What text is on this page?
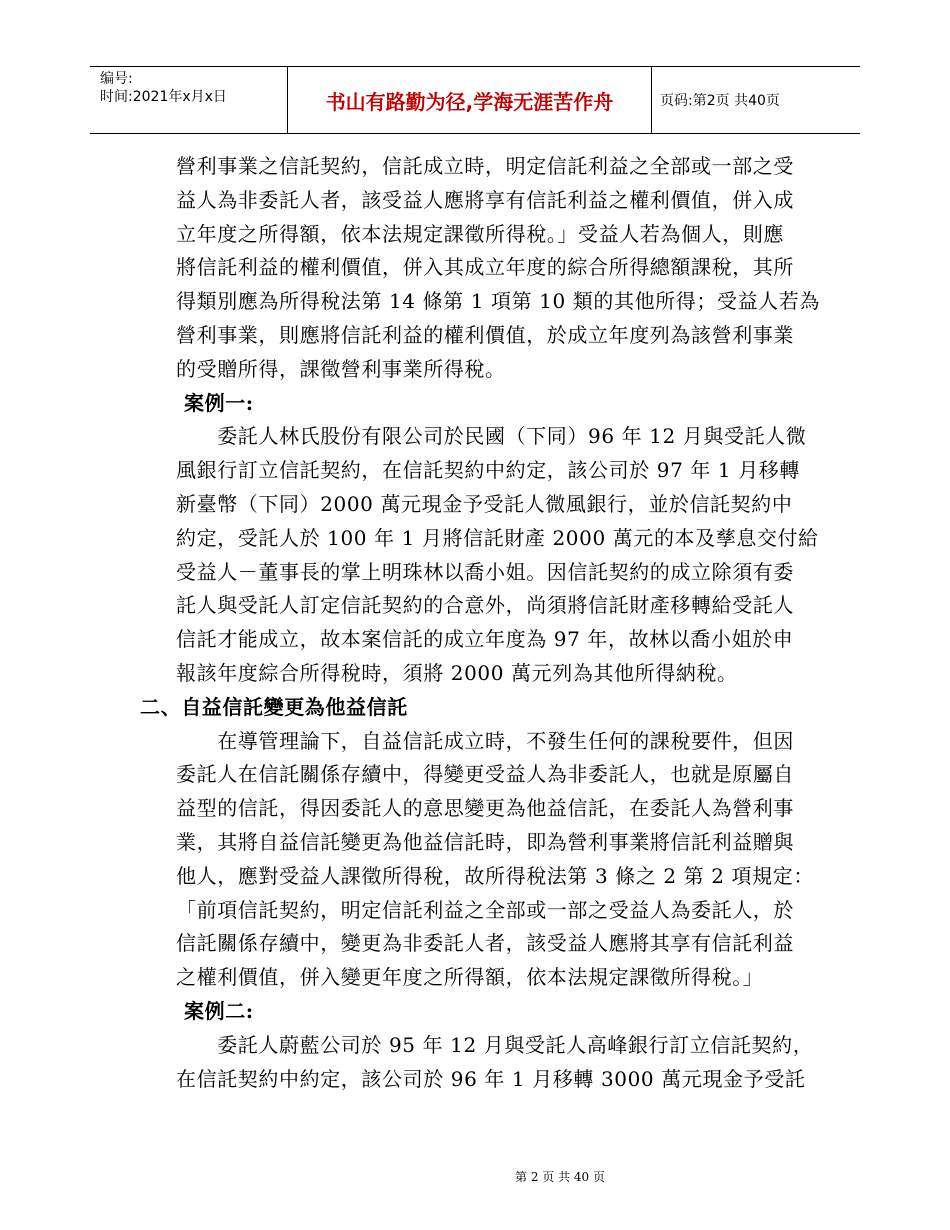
编号:
时间:2021年x月x日	书山有路勤为径,学海无涯苦作舟	页码:第2页 共40页
營利事業之信託契約，信託成立時，明定信託利益之全部或一部之受
益人為非委託人者，該受益人應將享有信託利益之權利價值，併入成
立年度之所得額，依本法規定課徵所得稅。」受益人若為個人，則應
將信託利益的權利價值，併入其成立年度的綜合所得總額課稅，其所
得類別應為所得稅法第 14 條第 1 項第 10 類的其他所得；受益人若為
營利事業，則應將信託利益的權利價值，於成立年度列為該營利事業
的受贈所得，課徵營利事業所得稅。
案例一:
　　委託人林氏股份有限公司於民國（下同）96 年 12 月與受託人微
風銀行訂立信託契約，在信託契約中約定，該公司於 97 年 1 月移轉
新臺幣（下同）2000 萬元現金予受託人微風銀行，並於信託契約中
約定，受託人於 100 年 1 月將信託財產 2000 萬元的本及孳息交付給
受益人－董事長的掌上明珠林以喬小姐。因信託契約的成立除須有委
託人與受託人訂定信託契約的合意外，尚須將信託財產移轉給受託人
信託才能成立，故本案信託的成立年度為 97 年，故林以喬小姐於申
報該年度綜合所得稅時，須將 2000 萬元列為其他所得納稅。
二、自益信託變更為他益信託
　　在導管理論下，自益信託成立時，不發生任何的課稅要件，但因
委託人在信託關係存續中，得變更受益人為非委託人，也就是原屬自
益型的信託，得因委託人的意思變更為他益信託，在委託人為營利事
業，其將自益信託變更為他益信託時，即為營利事業將信託利益贈與
他人，應對受益人課徵所得稅，故所得稅法第 3 條之 2 第 2 項規定：
「前項信託契約，明定信託利益之全部或一部之受益人為委託人，於
信託關係存續中，變更為非委託人者，該受益人應將其享有信託利益
之權利價值，併入變更年度之所得額，依本法規定課徵所得稅。」
案例二:
　　委託人蔚藍公司於 95 年 12 月與受託人高峰銀行訂立信託契約，
在信託契約中約定，該公司於 96 年 1 月移轉 3000 萬元現金予受託
第 2 页 共 40 页
